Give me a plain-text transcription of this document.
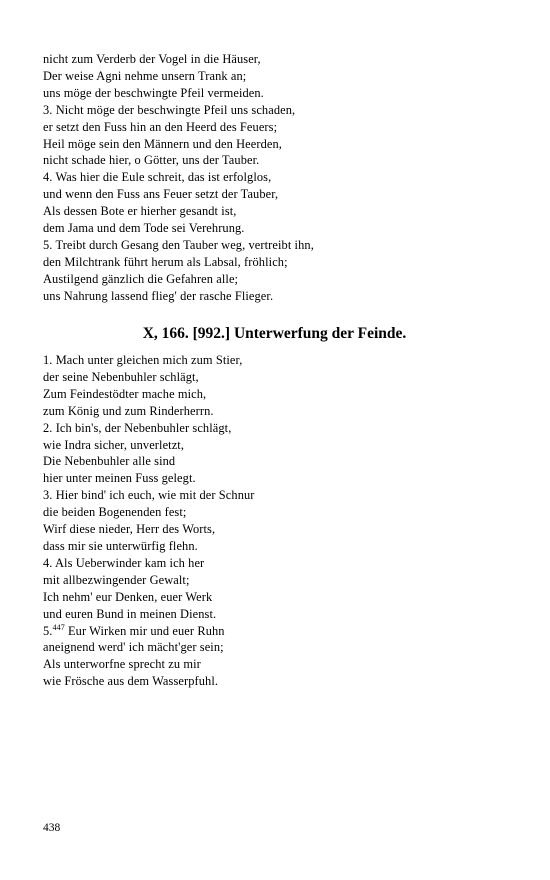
nicht zum Verderb der Vogel in die Häuser,
Der weise Agni nehme unsern Trank an;
uns möge der beschwingte Pfeil vermeiden.
3. Nicht möge der beschwingte Pfeil uns schaden,
er setzt den Fuss hin an den Heerd des Feuers;
Heil möge sein den Männern und den Heerden,
nicht schade hier, o Götter, uns der Tauber.
4. Was hier die Eule schreit, das ist erfolglos,
und wenn den Fuss ans Feuer setzt der Tauber,
Als dessen Bote er hierher gesandt ist,
dem Jama und dem Tode sei Verehrung.
5. Treibt durch Gesang den Tauber weg, vertreibt ihn,
den Milchtrank führt herum als Labsal, fröhlich;
Austilgend gänzlich die Gefahren alle;
uns Nahrung lassend flieg' der rasche Flieger.
X, 166. [992.] Unterwerfung der Feinde.
1. Mach unter gleichen mich zum Stier,
der seine Nebenbuhler schlägt,
Zum Feindestödter mache mich,
zum König und zum Rinderherrn.
2. Ich bin's, der Nebenbuhler schlägt,
wie Indra sicher, unverletzt,
Die Nebenbuhler alle sind
hier unter meinen Fuss gelegt.
3. Hier bind' ich euch, wie mit der Schnur
die beiden Bogenenden fest;
Wirf diese nieder, Herr des Worts,
dass mir sie unterwürfig flehn.
4. Als Ueberwinder kam ich her
mit allbezwingender Gewalt;
Ich nehm' eur Denken, euer Werk
und euren Bund in meinen Dienst.
5.$^{447}$ Eur Wirken mir und euer Ruhn
aneignend werd' ich mächt'ger sein;
Als unterworfne sprecht zu mir
wie Frösche aus dem Wasserpfuhl.
438
